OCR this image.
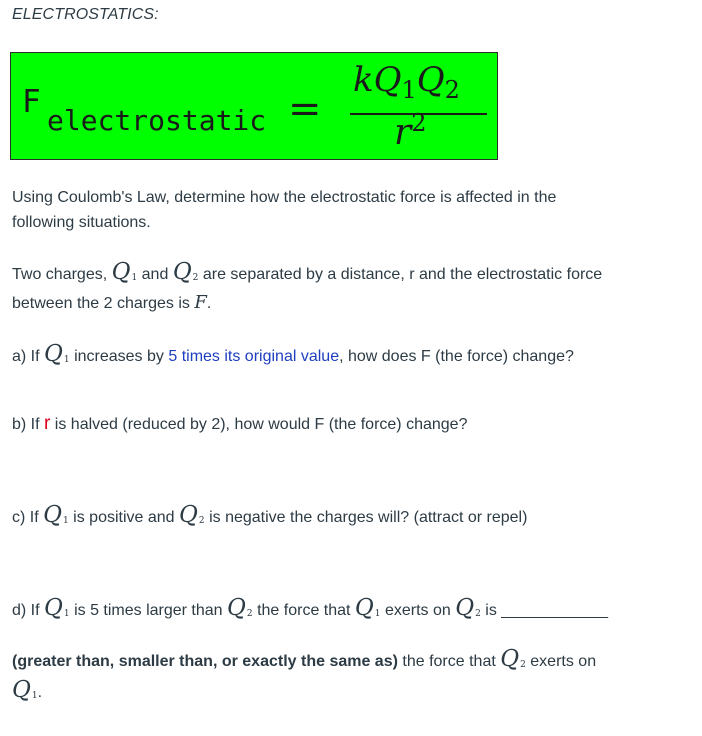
ELECTROSTATICS:
F
electrostatic =
$kQ_1Q_2$
$r^2$
Using Coulomb's Law, determine how the electrostatic force is affected in the
following situations.
Two charges, $Q_1$ and $Q_2$ are separated by a distance, r and the electrostatic force
between the 2 charges is F.
a) If $Q_1$ increases by 5 times its original value, how does F (the force) change?
b) If r is halved (reduced by 2), how would F (the force) change?
c) If $Q_1$ is positive and $Q_2$ is negative the charges will? (attract or repel)
d) If $Q_1$ is 5 times larger than $Q_2$ the force that $Q_1$ exerts on $Q_2$ is ____________
(greater than, smaller than, or exactly the same as) the force that $Q_2$ exerts on
$Q_1$.
